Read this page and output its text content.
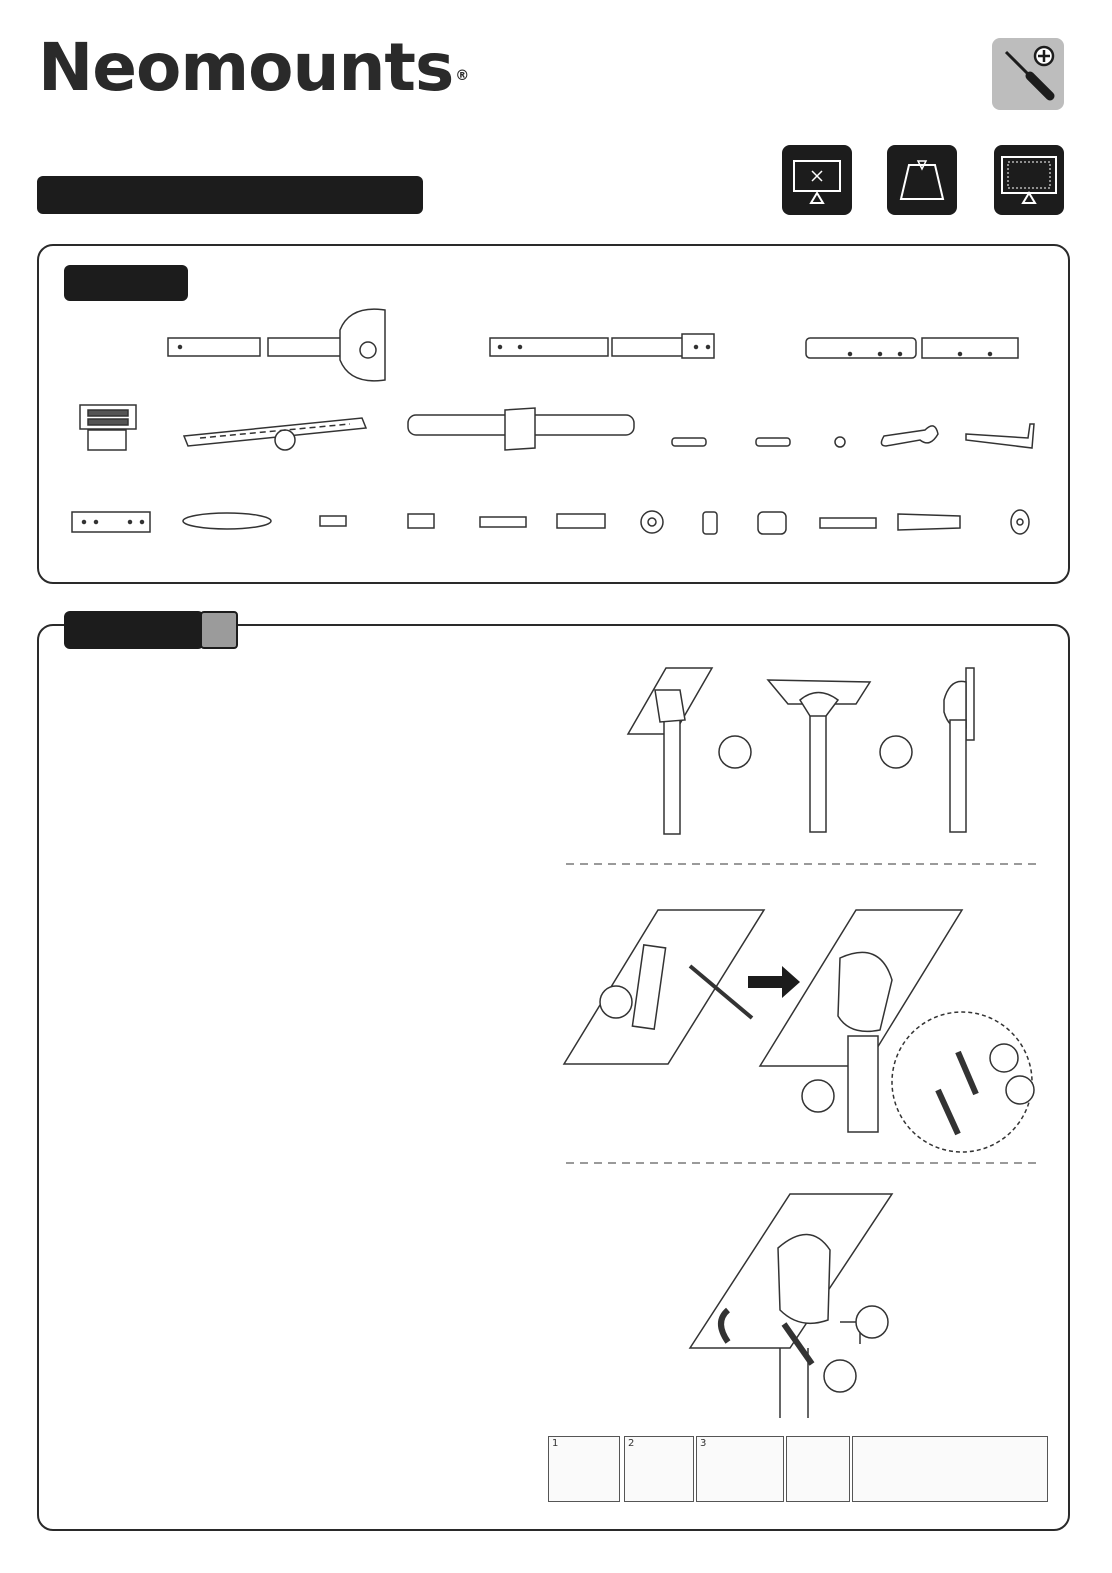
Neomounts ®
1	2	3
